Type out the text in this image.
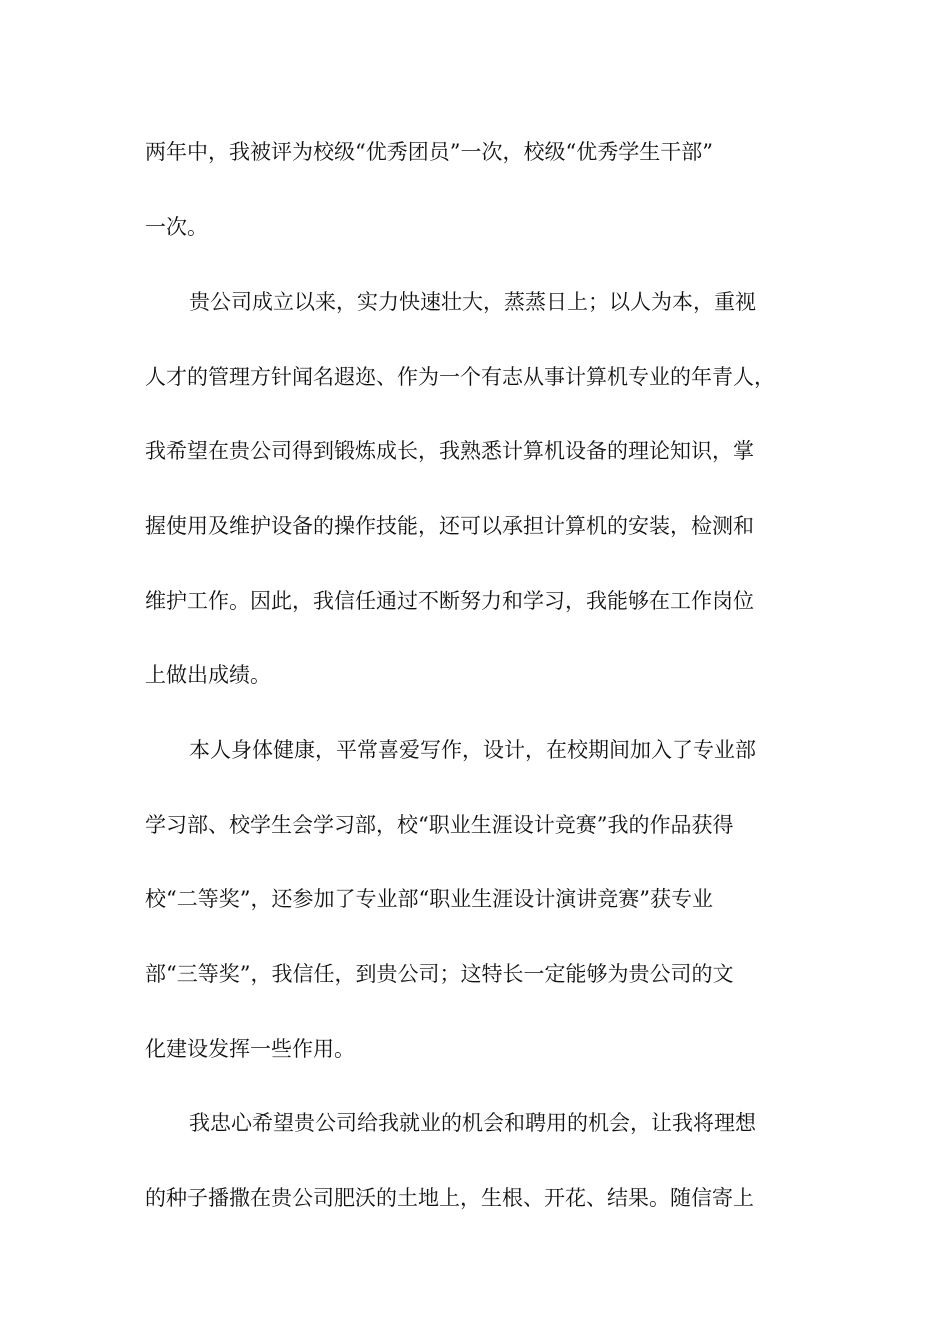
两年中，我被评为校级“优秀团员”一次，校级“优秀学生干部”
一次。
贵公司成立以来，实力快速壮大，蒸蒸日上；以人为本，重视
人才的管理方针闻名遐迩、作为一个有志从事计算机专业的年青人，
我希望在贵公司得到锻炼成长，我熟悉计算机设备的理论知识，掌
握使用及维护设备的操作技能，还可以承担计算机的安装，检测和
维护工作。因此，我信任通过不断努力和学习，我能够在工作岗位
上做出成绩。
本人身体健康，平常喜爱写作，设计，在校期间加入了专业部
学习部、校学生会学习部，校“职业生涯设计竞赛”我的作品获得
校“二等奖”，还参加了专业部“职业生涯设计演讲竞赛”获专业
部“三等奖”，我信任，到贵公司；这特长一定能够为贵公司的文
化建设发挥一些作用。
我忠心希望贵公司给我就业的机会和聘用的机会，让我将理想
的种子播撒在贵公司肥沃的土地上，生根、开花、结果。随信寄上
